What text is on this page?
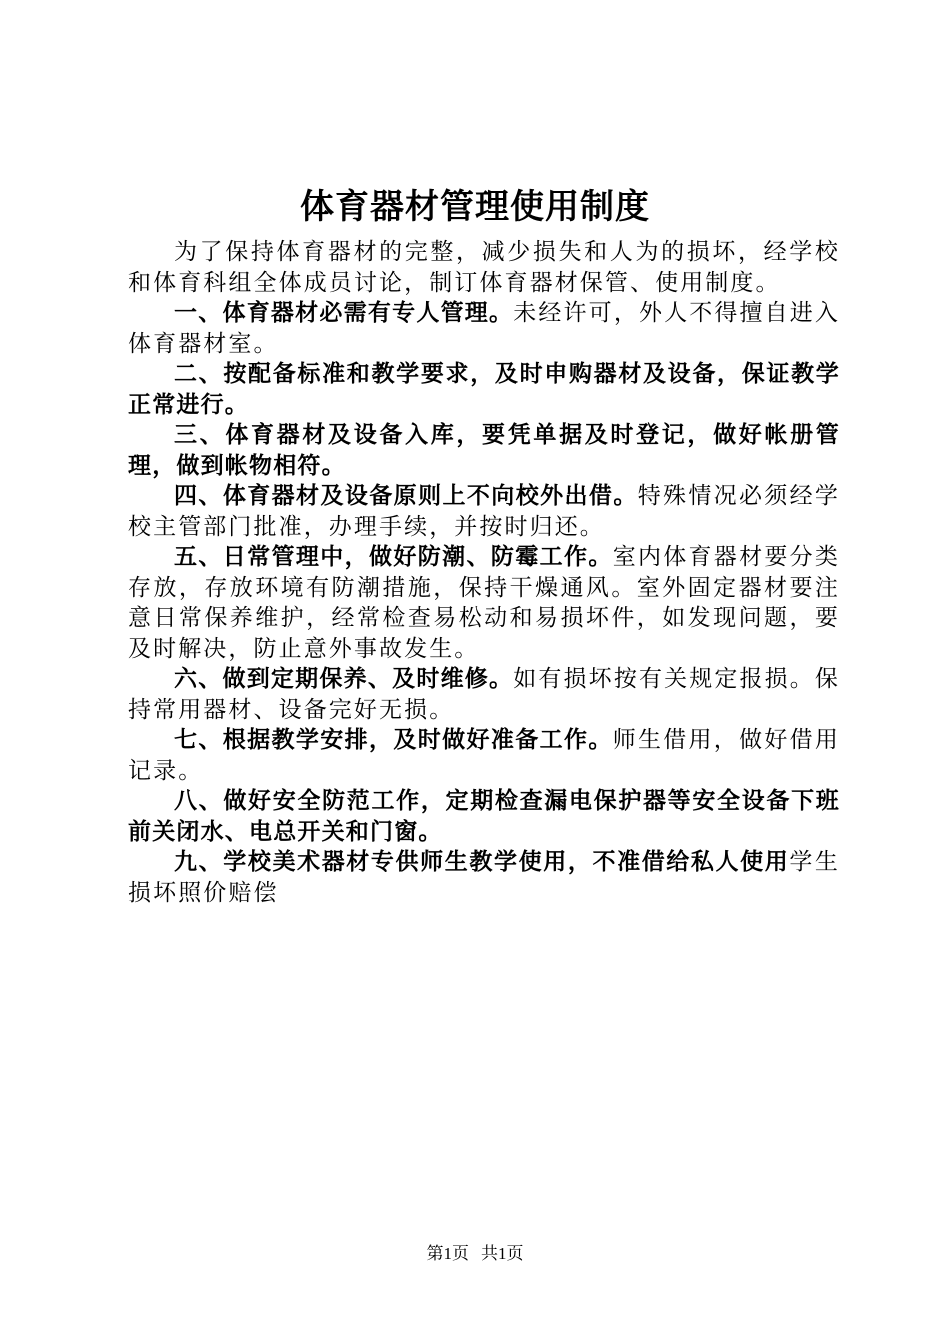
体育器材管理使用制度

为了保持体育器材的完整，减少损失和人为的损坏，经学校和体育科组全体成员讨论，制订体育器材保管、使用制度。

一、体育器材必需有专人管理。未经许可，外人不得擅自进入体育器材室。

二、按配备标准和教学要求，及时申购器材及设备，保证教学正常进行。

三、体育器材及设备入库，要凭单据及时登记，做好帐册管理，做到帐物相符。

四、体育器材及设备原则上不向校外出借。特殊情况必须经学校主管部门批准，办理手续，并按时归还。

五、日常管理中，做好防潮、防霉工作。室内体育器材要分类存放，存放环境有防潮措施，保持干燥通风。室外固定器材要注意日常保养维护，经常检查易松动和易损坏件，如发现问题，要及时解决，防止意外事故发生。

六、做到定期保养、及时维修。如有损坏按有关规定报损。保持常用器材、设备完好无损。

七、根据教学安排，及时做好准备工作。师生借用，做好借用记录。

八、做好安全防范工作，定期检查漏电保护器等安全设备下班前关闭水、电总开关和门窗。

九、学校美术器材专供师生教学使用，不准借给私人使用学生损坏照价赔偿

第1页 共1页
